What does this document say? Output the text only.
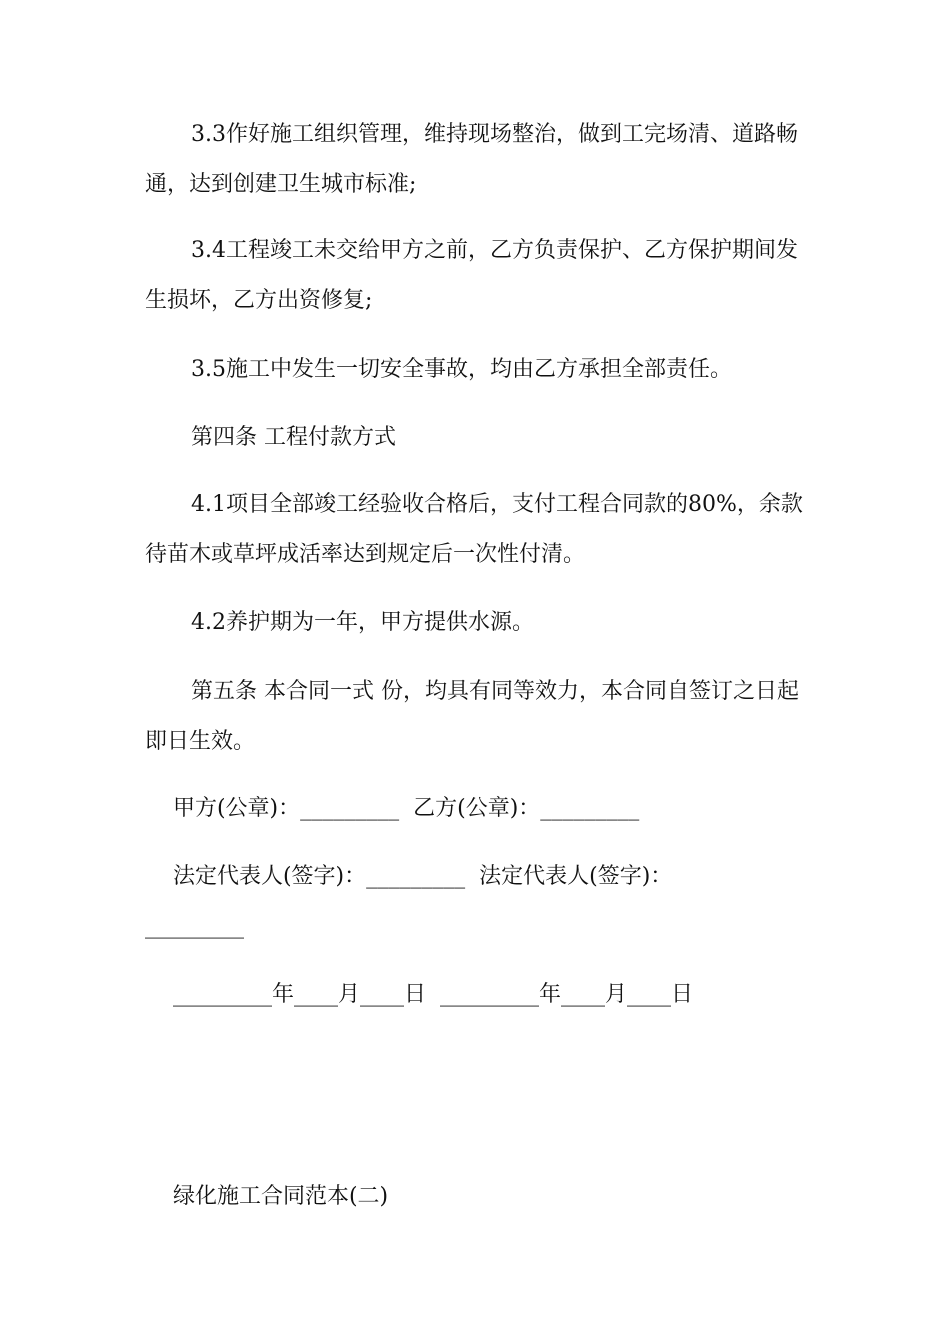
3.3作好施工组织管理，维持现场整治，做到工完场清、道路畅通，达到创建卫生城市标准;

3.4工程竣工未交给甲方之前，乙方负责保护、乙方保护期间发生损坏，乙方出资修复;

3.5施工中发生一切安全事故，均由乙方承担全部责任。

第四条 工程付款方式

4.1项目全部竣工经验收合格后，支付工程合同款的80%，余款待苗木或草坪成活率达到规定后一次性付清。

4.2养护期为一年，甲方提供水源。

第五条 本合同一式 份，均具有同等效力，本合同自签订之日起即日生效。

甲方(公章)：_________  乙方(公章)：_________

法定代表人(签字)：_________  法定代表人(签字)：

_________

_________年____月____日  _________年____月____日

绿化施工合同范本(二)
